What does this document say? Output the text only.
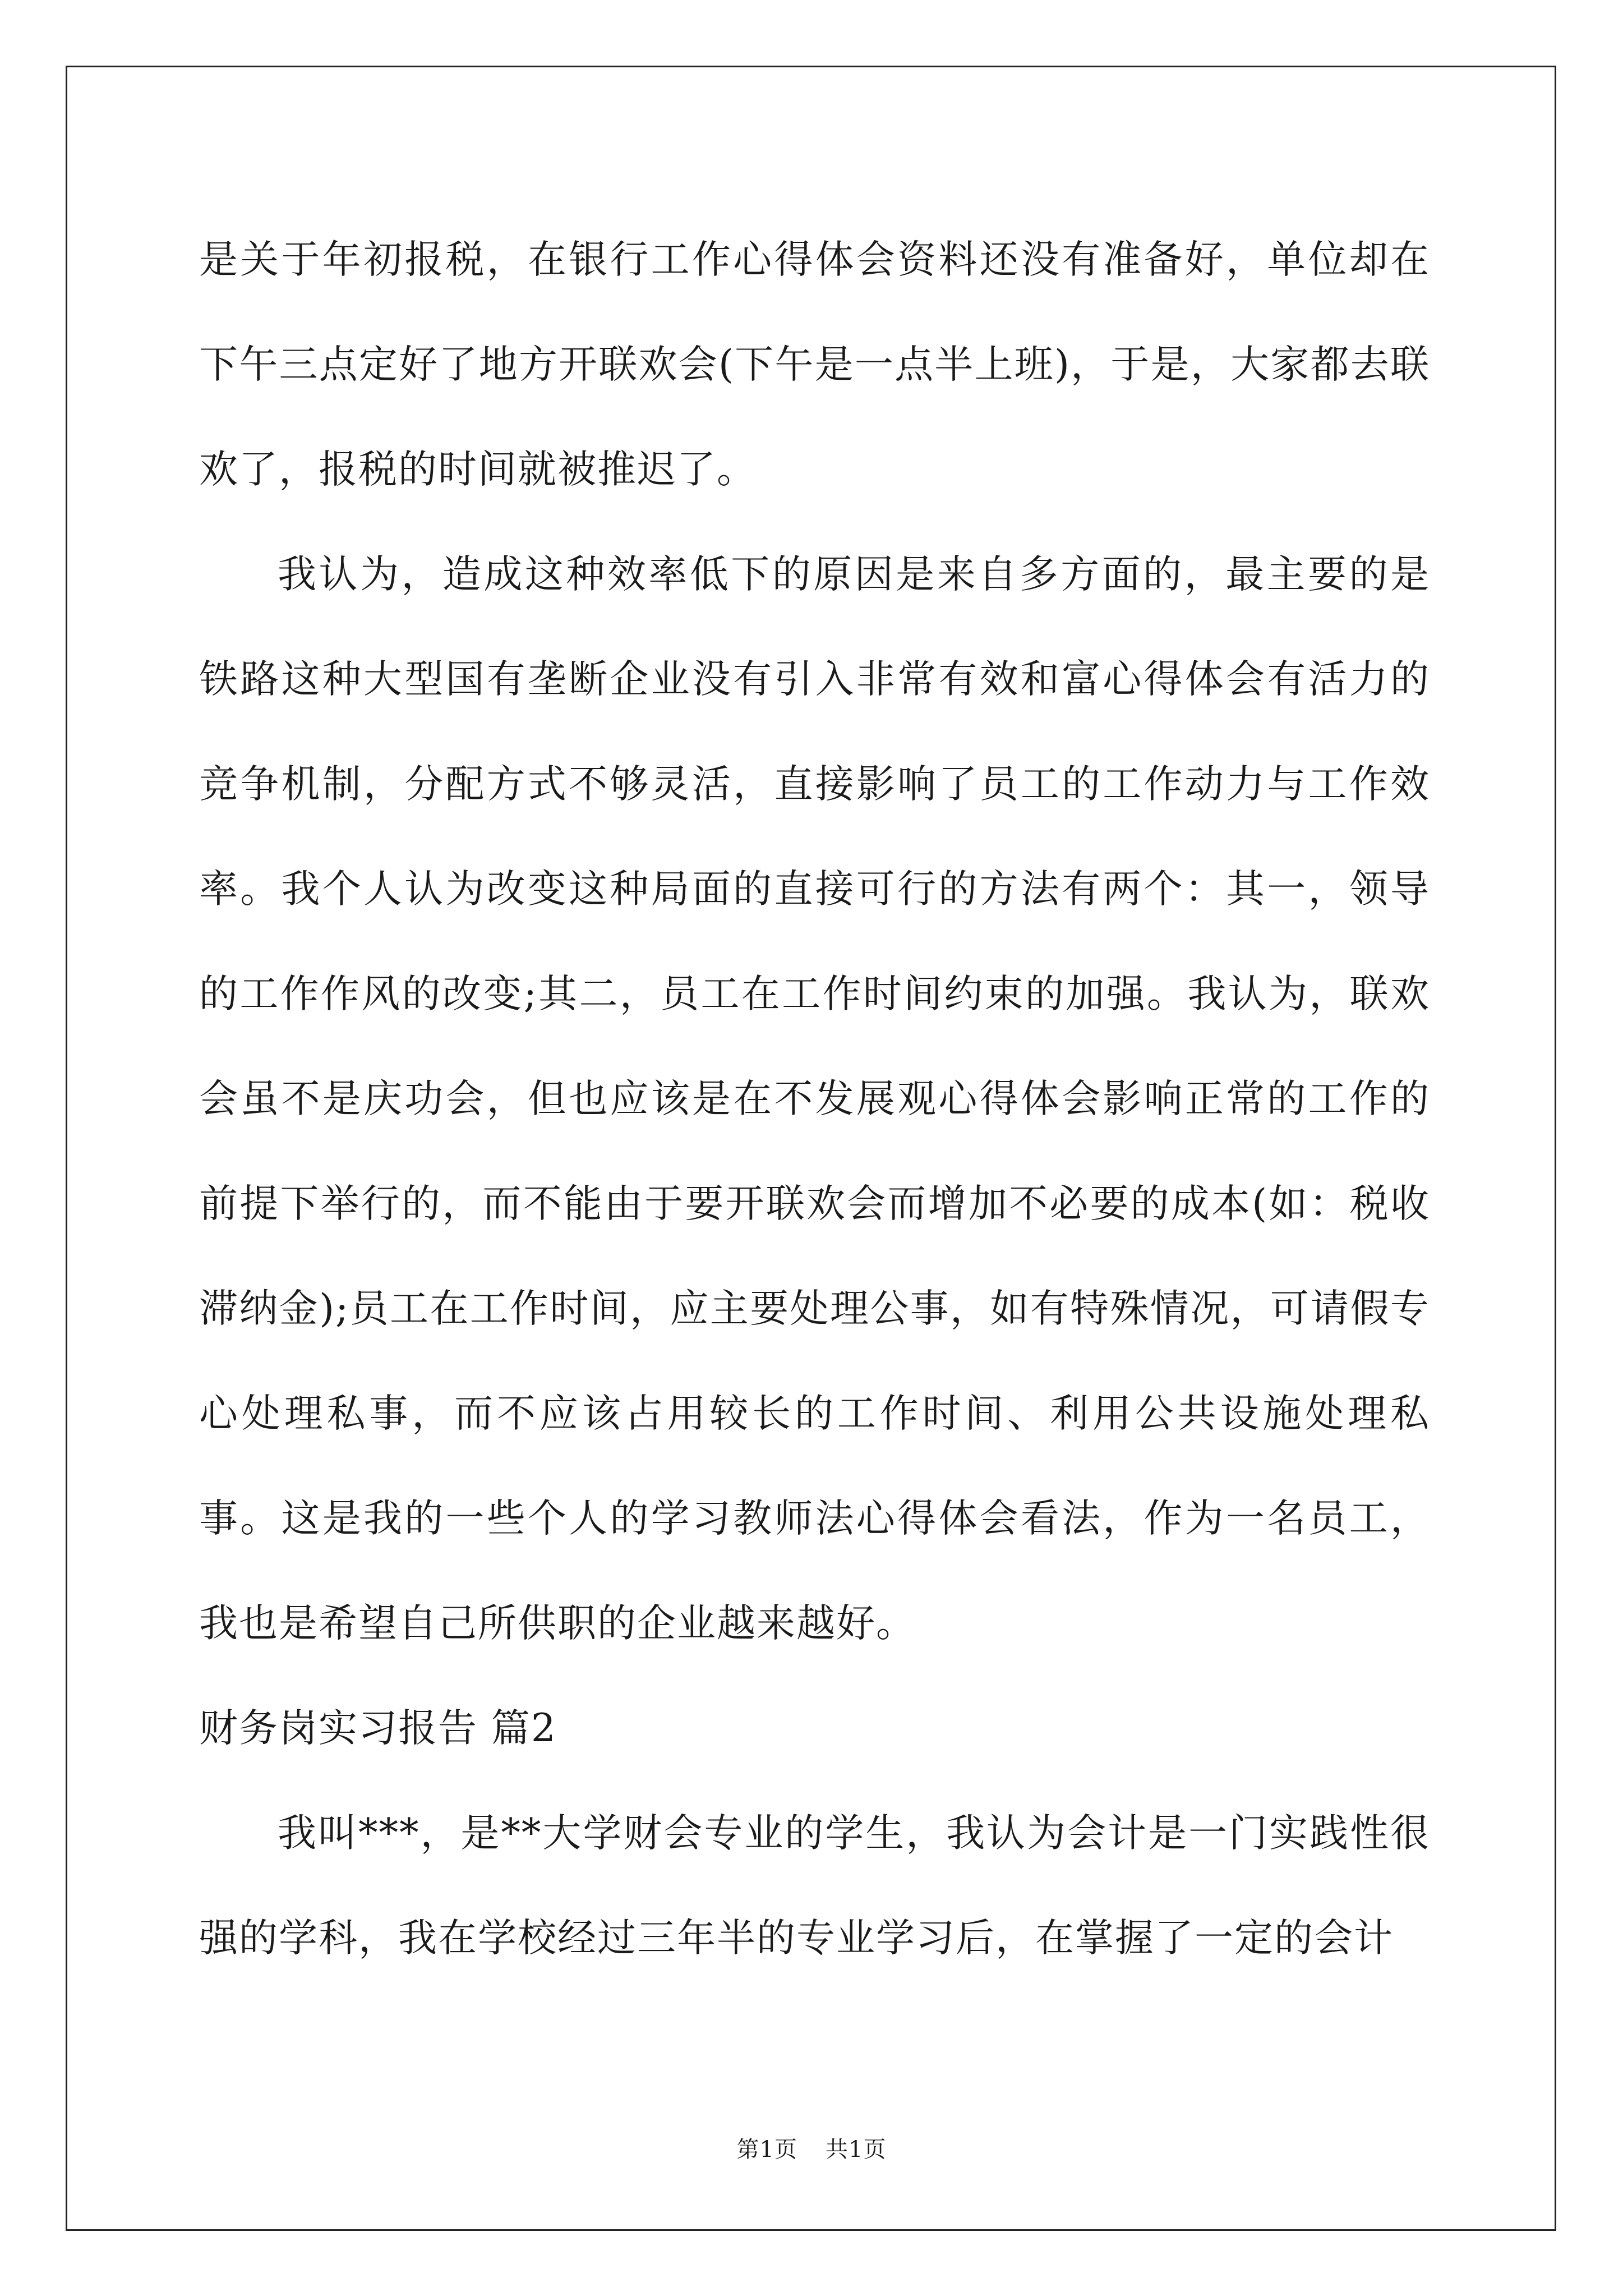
是关于年初报税，在银行工作心得体会资料还没有准备好，单位却在下午三点定好了地方开联欢会(下午是一点半上班)，于是，大家都去联欢了，报税的时间就被推迟了。

我认为，造成这种效率低下的原因是来自多方面的，最主要的是铁路这种大型国有垄断企业没有引入非常有效和富心得体会有活力的竞争机制，分配方式不够灵活，直接影响了员工的工作动力与工作效率。我个人认为改变这种局面的直接可行的方法有两个：其一，领导的工作作风的改变;其二，员工在工作时间约束的加强。我认为，联欢会虽不是庆功会，但也应该是在不发展观心得体会影响正常的工作的前提下举行的，而不能由于要开联欢会而增加不必要的成本(如：税收滞纳金);员工在工作时间，应主要处理公事，如有特殊情况，可请假专心处理私事，而不应该占用较长的工作时间、利用公共设施处理私事。这是我的一些个人的学习教师法心得体会看法，作为一名员工，我也是希望自己所供职的企业越来越好。

财务岗实习报告 篇2

我叫***，是**大学财会专业的学生，我认为会计是一门实践性很强的学科，我在学校经过三年半的专业学习后，在掌握了一定的会计

第1页 共1页
